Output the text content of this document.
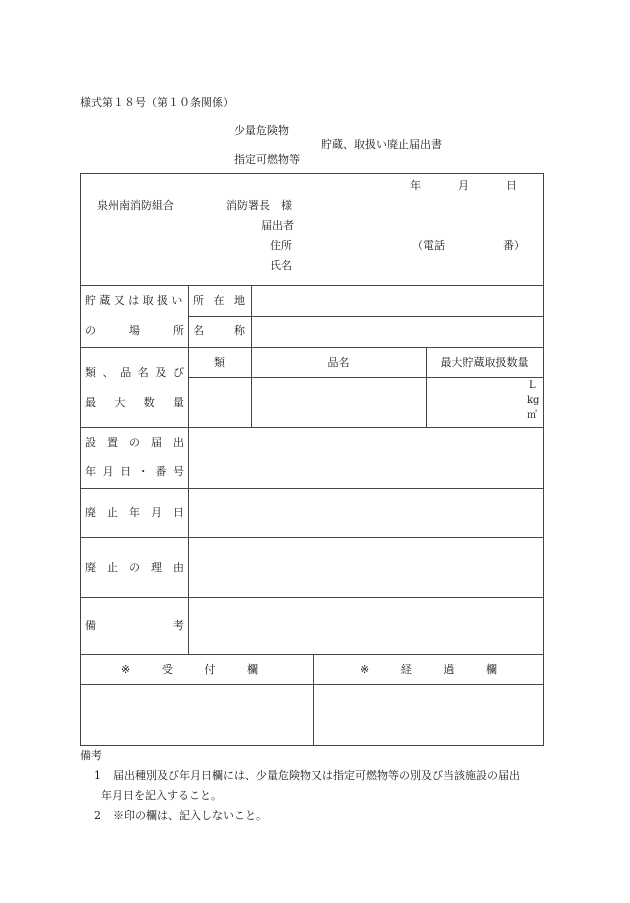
様式第１８号（第１０条関係）
少量危険物
貯蔵、取扱い廃止届出書
指定可燃物等
年	月	日
泉州南消防組合	消防署長　様
届出者
住所	（電話	番）
氏名
貯蔵又は取扱い
の	場	所
所 在 地
名	称
類 、 品 名 及 び
最 大 数 量
類	品名	最大貯蔵取扱数量
L
kg
㎥
設 置 の 届 出
年 月 日 ・ 番 号
廃 止 年 月 日
廃 止 の 理 由
備	考
※	受	付	欄	※	経	過	欄
備考
1 届出種別及び年月日欄には、少量危険物又は指定可燃物等の別及び当該施設の届出
年月日を記入すること。
2 ※印の欄は、記入しないこと。
